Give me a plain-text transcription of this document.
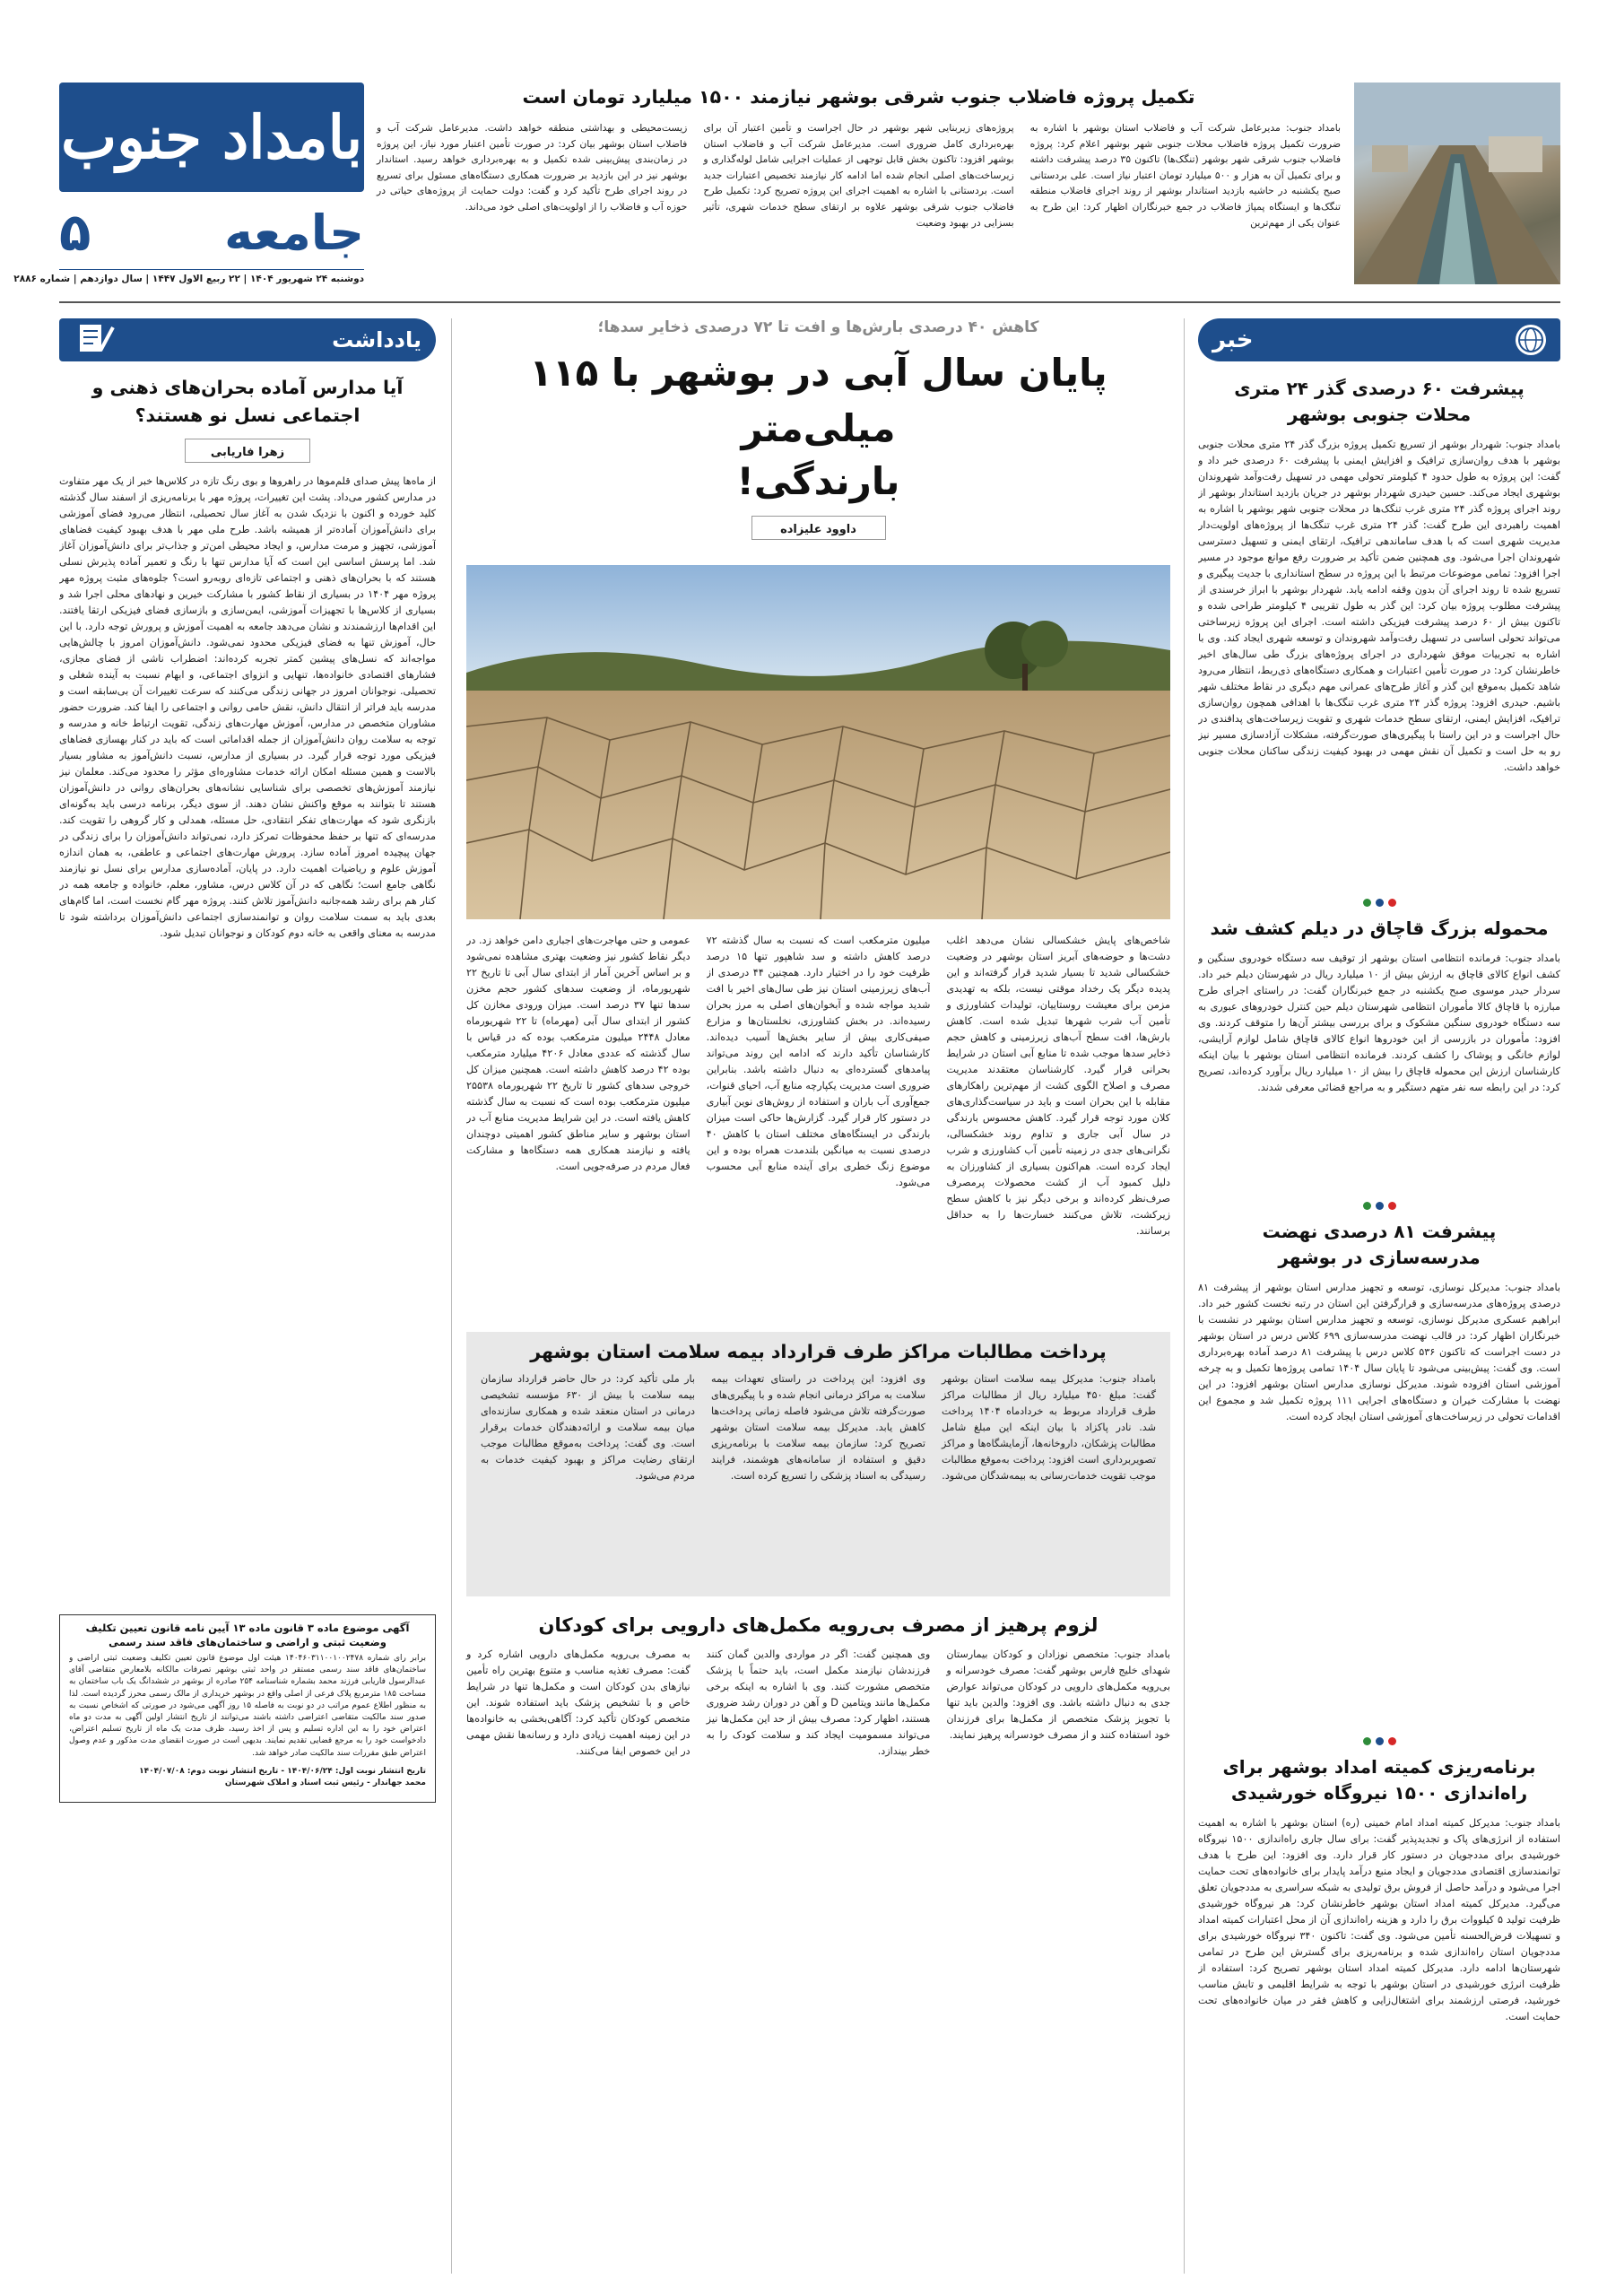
بامداد جنوب
جامعه
۵
دوشنبه ۲۴ شهریور ۱۴۰۴ | ۲۲ ربیع الاول ۱۴۴۷ | سال دوازدهم | شماره ۲۸۸۶
تکمیل پروژه فاضلاب جنوب شرقی بوشهر نیازمند ۱۵۰۰ میلیارد تومان است
بامداد جنوب: مدیرعامل شرکت آب و فاضلاب استان بوشهر با اشاره به ضرورت تکمیل پروژه فاضلاب محلات جنوبی شهر بوشهر اعلام کرد: پروژه فاضلاب جنوب شرقی شهر بوشهر (تنگک‌ها) تاکنون ۳۵ درصد پیشرفت داشته و برای تکمیل آن به هزار و ۵۰۰ میلیارد تومان اعتبار نیاز است. علی بردستانی صبح یکشنبه در حاشیه بازدید استاندار بوشهر از روند اجرای فاضلاب منطقه تنگک‌ها و ایستگاه پمپاژ فاضلاب در جمع خبرنگاران اظهار کرد: این طرح به عنوان یکی از مهم‌ترین
پروژه‌های زیربنایی شهر بوشهر در حال اجراست و تأمین اعتبار آن برای بهره‌برداری کامل ضروری است. مدیرعامل شرکت آب و فاضلاب استان بوشهر افزود: تاکنون بخش قابل توجهی از عملیات اجرایی شامل لوله‌گذاری و زیرساخت‌های اصلی انجام شده اما ادامه کار نیازمند تخصیص اعتبارات جدید است. بردستانی با اشاره به اهمیت اجرای این پروژه تصریح کرد: تکمیل طرح فاضلاب جنوب شرقی بوشهر علاوه بر ارتقای سطح خدمات شهری، تأثیر بسزایی در بهبود وضعیت
زیست‌محیطی و بهداشتی منطقه خواهد داشت. مدیرعامل شرکت آب و فاضلاب استان بوشهر بیان کرد: در صورت تأمین اعتبار مورد نیاز، این پروژه در زمان‌بندی پیش‌بینی شده تکمیل و به بهره‌برداری خواهد رسید. استاندار بوشهر نیز در این بازدید بر ضرورت همکاری دستگاه‌های مسئول برای تسریع در روند اجرای طرح تأکید کرد و گفت: دولت حمایت از پروژه‌های حیاتی در حوزه آب و فاضلاب را از اولویت‌های اصلی خود می‌داند.
خبر
پیشرفت ۶۰ درصدی گذر ۲۴ متری محلات جنوبی بوشهر
بامداد جنوب: شهردار بوشهر از تسریع تکمیل پروژه بزرگ گذر ۲۴ متری محلات جنوبی بوشهر با هدف روان‌سازی ترافیک و افزایش ایمنی با پیشرفت ۶۰ درصدی خبر داد و گفت: این پروژه به طول حدود ۴ کیلومتر تحولی مهمی در تسهیل رفت‌وآمد شهروندان بوشهری ایجاد می‌کند. حسین حیدری شهردار بوشهر در جریان بازدید استاندار بوشهر از روند اجرای پروژه گذر ۲۴ متری غرب تنگک‌ها در محلات جنوبی شهر بوشهر با اشاره به اهمیت راهبردی این طرح گفت: گذر ۲۴ متری غرب تنگک‌ها از پروژه‌های اولویت‌دار مدیریت شهری است که با هدف ساماندهی ترافیک، ارتقای ایمنی و تسهیل دسترسی شهروندان اجرا می‌شود. وی همچنین ضمن تأکید بر ضرورت رفع موانع موجود در مسیر اجرا افزود: تمامی موضوعات مرتبط با این پروژه در سطح استانداری با جدیت پیگیری و تسریع شده تا روند اجرای آن بدون وقفه ادامه یابد. شهردار بوشهر با ابراز خرسندی از پیشرفت مطلوب پروژه بیان کرد: این گذر به طول تقریبی ۴ کیلومتر طراحی شده و تاکنون بیش از ۶۰ درصد پیشرفت فیزیکی داشته است. اجرای این پروژه زیرساختی می‌تواند تحولی اساسی در تسهیل رفت‌وآمد شهروندان و توسعه شهری ایجاد کند. وی با اشاره به تجربیات موفق شهرداری در اجرای پروژه‌های بزرگ طی سال‌های اخیر خاطرنشان کرد: در صورت تأمین اعتبارات و همکاری دستگاه‌های ذی‌ربط، انتظار می‌رود شاهد تکمیل به‌موقع این گذر و آغاز طرح‌های عمرانی مهم دیگری در نقاط مختلف شهر باشیم. حیدری افزود: پروژه گذر ۲۴ متری غرب تنگک‌ها با اهدافی همچون روان‌سازی ترافیک، افزایش ایمنی، ارتقای سطح خدمات شهری و تقویت زیرساخت‌های پدافندی در حال اجراست و در این راستا با پیگیری‌های صورت‌گرفته، مشکلات آزادسازی مسیر نیز رو به حل است و تکمیل آن نقش مهمی در بهبود کیفیت زندگی ساکنان محلات جنوبی خواهد داشت.
محموله بزرگ قاچاق در دیلم کشف شد
بامداد جنوب: فرمانده انتظامی استان بوشهر از توقیف سه دستگاه خودروی سنگین و کشف انواع کالای قاچاق به ارزش بیش از ۱۰ میلیارد ریال در شهرستان دیلم خبر داد. سردار حیدر موسوی صبح یکشنبه در جمع خبرنگاران گفت: در راستای اجرای طرح مبارزه با قاچاق کالا مأموران انتظامی شهرستان دیلم حین کنترل خودروهای عبوری به سه دستگاه خودروی سنگین مشکوک و برای بررسی بیشتر آن‌ها را متوقف کردند. وی افزود: مأموران در بازرسی از این خودروها انواع کالای قاچاق شامل لوازم آرایشی، لوازم خانگی و پوشاک را کشف کردند. فرمانده انتظامی استان بوشهر با بیان اینکه کارشناسان ارزش این محموله قاچاق را بیش از ۱۰ میلیارد ریال برآورد کرده‌اند، تصریح کرد: در این رابطه سه نفر متهم دستگیر و به مراجع قضائی معرفی شدند.
پیشرفت ۸۱ درصدی نهضت مدرسه‌سازی در بوشهر
بامداد جنوب: مدیرکل نوسازی، توسعه و تجهیز مدارس استان بوشهر از پیشرفت ۸۱ درصدی پروژه‌های مدرسه‌سازی و قرارگرفتن این استان در رتبه نخست کشور خبر داد. ابراهیم عسکری مدیرکل نوسازی، توسعه و تجهیز مدارس استان بوشهر در نشست با خبرنگاران اظهار کرد: در قالب نهضت مدرسه‌سازی ۶۹۹ کلاس درس در استان بوشهر در دست اجراست که تاکنون ۵۳۶ کلاس درس با پیشرفت ۸۱ درصد آماده بهره‌برداری است. وی گفت: پیش‌بینی می‌شود تا پایان سال ۱۴۰۴ تمامی پروژه‌ها تکمیل و به چرخه آموزشی استان افزوده شوند. مدیرکل نوسازی مدارس استان بوشهر افزود: در این نهضت با مشارکت خیران و دستگاه‌های اجرایی ۱۱۱ پروژه تکمیل شد و مجموع این اقدامات تحولی در زیرساخت‌های آموزشی استان ایجاد کرده است.
برنامه‌ریزی کمیته امداد بوشهر برای راه‌اندازی ۱۵۰۰ نیروگاه خورشیدی
بامداد جنوب: مدیرکل کمیته امداد امام خمینی (ره) استان بوشهر با اشاره به اهمیت استفاده از انرژی‌های پاک و تجدیدپذیر گفت: برای سال جاری راه‌اندازی ۱۵۰۰ نیروگاه خورشیدی برای مددجویان در دستور کار قرار دارد. وی افزود: این طرح با هدف توانمندسازی اقتصادی مددجویان و ایجاد منبع درآمد پایدار برای خانواده‌های تحت حمایت اجرا می‌شود و درآمد حاصل از فروش برق تولیدی به شبکه سراسری به مددجویان تعلق می‌گیرد. مدیرکل کمیته امداد استان بوشهر خاطرنشان کرد: هر نیروگاه خورشیدی ظرفیت تولید ۵ کیلووات برق را دارد و هزینه راه‌اندازی آن از محل اعتبارات کمیته امداد و تسهیلات قرض‌الحسنه تأمین می‌شود. وی گفت: تاکنون ۳۴۰ نیروگاه خورشیدی برای مددجویان استان راه‌اندازی شده و برنامه‌ریزی برای گسترش این طرح در تمامی شهرستان‌ها ادامه دارد. مدیرکل کمیته امداد استان بوشهر تصریح کرد: استفاده از ظرفیت انرژی خورشیدی در استان بوشهر با توجه به شرایط اقلیمی و تابش مناسب خورشید، فرصتی ارزشمند برای اشتغال‌زایی و کاهش فقر در میان خانواده‌های تحت حمایت است.
کاهش ۴۰ درصدی بارش‌ها و افت تا ۷۲ درصدی ذخایر سدها؛
پایان سال آبی در بوشهر با ۱۱۵ میلی‌متر
بارندگی!
داوود علیزاده
شاخص‌های پایش خشکسالی نشان می‌دهد اغلب دشت‌ها و حوضه‌های آبریز استان بوشهر در وضعیت خشکسالی شدید تا بسیار شدید قرار گرفته‌اند و این پدیده دیگر یک رخداد موقتی نیست، بلکه به تهدیدی مزمن برای معیشت روستاییان، تولیدات کشاورزی و تأمین آب شرب شهرها تبدیل شده است. کاهش بارش‌ها، افت سطح آب‌های زیرزمینی و کاهش حجم ذخایر سدها موجب شده تا منابع آبی استان در شرایط بحرانی قرار گیرد. کارشناسان معتقدند مدیریت مصرف و اصلاح الگوی کشت از مهم‌ترین راهکارهای مقابله با این بحران است و باید در سیاست‌گذاری‌های کلان مورد توجه قرار گیرد. کاهش محسوس بارندگی در سال آبی جاری و تداوم روند خشکسالی، نگرانی‌های جدی در زمینه تأمین آب کشاورزی و شرب ایجاد کرده است. هم‌اکنون بسیاری از کشاورزان به دلیل کمبود آب از کشت محصولات پرمصرف صرف‌نظر کرده‌اند و برخی دیگر نیز با کاهش سطح زیرکشت، تلاش می‌کنند خسارت‌ها را به حداقل برسانند.
میلیون مترمکعب است که نسبت به سال گذشته ۷۲ درصد کاهش داشته و سد شاهپور تنها ۱۵ درصد ظرفیت خود را در اختیار دارد. همچنین ۴۴ درصدی از آب‌های زیرزمینی استان نیز طی سال‌های اخیر با افت شدید مواجه شده و آبخوان‌های اصلی به مرز بحران رسیده‌اند. در بخش کشاورزی، نخلستان‌ها و مزارع صیفی‌کاری بیش از سایر بخش‌ها آسیب دیده‌اند. کارشناسان تأکید دارند که ادامه این روند می‌تواند پیامدهای گسترده‌ای به دنبال داشته باشد. بنابراین ضروری است مدیریت یکپارچه منابع آب، احیای قنوات، جمع‌آوری آب باران و استفاده از روش‌های نوین آبیاری در دستور کار قرار گیرد. گزارش‌ها حاکی است میزان بارندگی در ایستگاه‌های مختلف استان با کاهش ۴۰ درصدی نسبت به میانگین بلندمدت همراه بوده و این موضوع زنگ خطری برای آینده منابع آبی محسوب می‌شود.
عمومی و حتی مهاجرت‌های اجباری دامن خواهد زد. در دیگر نقاط کشور نیز وضعیت بهتری مشاهده نمی‌شود و بر اساس آخرین آمار از ابتدای سال آبی تا تاریخ ۲۲ شهریورماه، از وضعیت سدهای کشور حجم مخزن سدها تنها ۳۷ درصد است. میزان ورودی مخازن کل کشور از ابتدای سال آبی (مهرماه) تا ۲۲ شهریورماه معادل ۲۴۴۸ میلیون مترمکعب بوده که در قیاس با سال گذشته که عددی معادل ۴۲۰۶ میلیارد مترمکعب بوده ۴۲ درصد کاهش داشته است. همچنین میزان کل خروجی سدهای کشور تا تاریخ ۲۲ شهریورماه ۲۵۵۳۸ میلیون مترمکعب بوده است که نسبت به سال گذشته کاهش یافته است. در این شرایط مدیریت منابع آب در استان بوشهر و سایر مناطق کشور اهمیتی دوچندان یافته و نیازمند همکاری همه دستگاه‌ها و مشارکت فعال مردم در صرفه‌جویی است.
پرداخت مطالبات مراکز طرف قرارداد بیمه سلامت استان بوشهر
بامداد جنوب: مدیرکل بیمه سلامت استان بوشهر گفت: مبلغ ۴۵۰ میلیارد ریال از مطالبات مراکز طرف قرارداد مربوط به خردادماه ۱۴۰۴ پرداخت شد. نادر پاکزاد با بیان اینکه این مبلغ شامل مطالبات پزشکان، داروخانه‌ها، آزمایشگاه‌ها و مراکز تصویربرداری است افزود: پرداخت به‌موقع مطالبات موجب تقویت خدمات‌رسانی به بیمه‌شدگان می‌شود.
وی افزود: این پرداخت در راستای تعهدات بیمه سلامت به مراکز درمانی انجام شده و با پیگیری‌های صورت‌گرفته تلاش می‌شود فاصله زمانی پرداخت‌ها کاهش یابد. مدیرکل بیمه سلامت استان بوشهر تصریح کرد: سازمان بیمه سلامت با برنامه‌ریزی دقیق و استفاده از سامانه‌های هوشمند، فرایند رسیدگی به اسناد پزشکی را تسریع کرده است.
بار ملی تأکید کرد: در حال حاضر قرارداد سازمان بیمه سلامت با بیش از ۶۳۰ مؤسسه تشخیصی درمانی در استان منعقد شده و همکاری سازنده‌ای میان بیمه سلامت و ارائه‌دهندگان خدمات برقرار است. وی گفت: پرداخت به‌موقع مطالبات موجب ارتقای رضایت مراکز و بهبود کیفیت خدمات به مردم می‌شود.
لزوم پرهیز از مصرف بی‌رویه مکمل‌های دارویی برای کودکان
بامداد جنوب: متخصص نوزادان و کودکان بیمارستان شهدای خلیج فارس بوشهر گفت: مصرف خودسرانه و بی‌رویه مکمل‌های دارویی در کودکان می‌تواند عوارض جدی به دنبال داشته باشد. وی افزود: والدین باید تنها با تجویز پزشک متخصص از مکمل‌ها برای فرزندان خود استفاده کنند و از مصرف خودسرانه پرهیز نمایند.
وی همچنین گفت: اگر در مواردی والدین گمان کنند فرزندشان نیازمند مکمل است، باید حتماً با پزشک متخصص مشورت کنند. وی با اشاره به اینکه برخی مکمل‌ها مانند ویتامین D و آهن در دوران رشد ضروری هستند، اظهار کرد: مصرف بیش از حد این مکمل‌ها نیز می‌تواند مسمومیت ایجاد کند و سلامت کودک را به خطر بیندازد.
به مصرف بی‌رویه مکمل‌های دارویی اشاره کرد و گفت: مصرف تغذیه مناسب و متنوع بهترین راه تأمین نیازهای بدن کودکان است و مکمل‌ها تنها در شرایط خاص و با تشخیص پزشک باید استفاده شوند. این متخصص کودکان تأکید کرد: آگاهی‌بخشی به خانواده‌ها در این زمینه اهمیت زیادی دارد و رسانه‌ها نقش مهمی در این خصوص ایفا می‌کنند.
یادداشت
آیا مدارس آماده بحران‌های ذهنی و اجتماعی نسل نو هستند؟
زهرا فاریابی
از ماه‌ها پیش صدای قلم‌موها در راهروها و بوی رنگ تازه در کلاس‌ها خبر از یک مهر متفاوت در مدارس کشور می‌داد. پشت این تغییرات، پروژه مهر با برنامه‌ریزی از اسفند سال گذشته کلید خورده و اکنون با نزدیک شدن به آغاز سال تحصیلی، انتظار می‌رود فضای آموزشی برای دانش‌آموزان آماده‌تر از همیشه باشد. طرح ملی مهر با هدف بهبود کیفیت فضاهای آموزشی، تجهیز و مرمت مدارس، و ایجاد محیطی امن‌تر و جذاب‌تر برای دانش‌آموزان آغاز شد. اما پرسش اساسی این است که آیا مدارس تنها با رنگ و تعمیر آماده پذیرش نسلی هستند که با بحران‌های ذهنی و اجتماعی تازه‌ای روبه‌رو است؟ جلوه‌های مثبت پروژه مهر پروژه مهر ۱۴۰۴ در بسیاری از نقاط کشور با مشارکت خیرین و نهادهای محلی اجرا شد و بسیاری از کلاس‌ها با تجهیزات آموزشی، ایمن‌سازی و بازسازی فضای فیزیکی ارتقا یافتند. این اقدام‌ها ارزشمندند و نشان می‌دهد جامعه به اهمیت آموزش و پرورش توجه دارد. با این حال، آموزش تنها به فضای فیزیکی محدود نمی‌شود. دانش‌آموزان امروز با چالش‌هایی مواجه‌اند که نسل‌های پیشین کمتر تجربه کرده‌اند: اضطراب ناشی از فضای مجازی، فشارهای اقتصادی خانواده‌ها، تنهایی و انزوای اجتماعی، و ابهام نسبت به آینده شغلی و تحصیلی. نوجوانان امروز در جهانی زندگی می‌کنند که سرعت تغییرات آن بی‌سابقه است و مدرسه باید فراتر از انتقال دانش، نقش حامی روانی و اجتماعی را ایفا کند. ضرورت حضور مشاوران متخصص در مدارس، آموزش مهارت‌های زندگی، تقویت ارتباط خانه و مدرسه و توجه به سلامت روان دانش‌آموزان از جمله اقداماتی است که باید در کنار بهسازی فضاهای فیزیکی مورد توجه قرار گیرد. در بسیاری از مدارس، نسبت دانش‌آموز به مشاور بسیار بالاست و همین مسئله امکان ارائه خدمات مشاوره‌ای مؤثر را محدود می‌کند. معلمان نیز نیازمند آموزش‌های تخصصی برای شناسایی نشانه‌های بحران‌های روانی در دانش‌آموزان هستند تا بتوانند به موقع واکنش نشان دهند. از سوی دیگر، برنامه درسی باید به‌گونه‌ای بازنگری شود که مهارت‌های تفکر انتقادی، حل مسئله، همدلی و کار گروهی را تقویت کند. مدرسه‌ای که تنها بر حفظ محفوظات تمرکز دارد، نمی‌تواند دانش‌آموزان را برای زندگی در جهان پیچیده امروز آماده سازد. پرورش مهارت‌های اجتماعی و عاطفی، به همان اندازه آموزش علوم و ریاضیات اهمیت دارد. در پایان، آماده‌سازی مدارس برای نسل نو نیازمند نگاهی جامع است؛ نگاهی که در آن کلاس درس، مشاور، معلم، خانواده و جامعه همه در کنار هم برای رشد همه‌جانبه دانش‌آموز تلاش کنند. پروژه مهر گام نخست است، اما گام‌های بعدی باید به سمت سلامت روان و توانمندسازی اجتماعی دانش‌آموزان برداشته شود تا مدرسه به معنای واقعی به خانه دوم کودکان و نوجوانان تبدیل شود.
آگهی موضوع ماده ۳ قانون ماده ۱۳ آیین نامه قانون تعیین تکلیف وضعیت ثبتی و اراضی و ساختمان‌های فاقد سند رسمی
برابر رای شماره ۱۴۰۴۶۰۳۱۱۰۰۱۰۰۲۴۷۸ هیئت اول موضوع قانون تعیین تکلیف وضعیت ثبتی اراضی و ساختمان‌های فاقد سند رسمی مستقر در واحد ثبتی بوشهر تصرفات مالکانه بلامعارض متقاضی آقای عبدالرسول فاریابی فرزند محمد بشماره شناسنامه ۲۵۴ صادره از بوشهر در ششدانگ یک باب ساختمان به مساحت ۱۸۵ مترمربع پلاک فرعی از اصلی واقع در بوشهر خریداری از مالک رسمی محرز گردیده است. لذا به منظور اطلاع عموم مراتب در دو نوبت به فاصله ۱۵ روز آگهی می‌شود در صورتی که اشخاص نسبت به صدور سند مالکیت متقاضی اعتراضی داشته باشند می‌توانند از تاریخ انتشار اولین آگهی به مدت دو ماه اعتراض خود را به این اداره تسلیم و پس از اخذ رسید، ظرف مدت یک ماه از تاریخ تسلیم اعتراض، دادخواست خود را به مرجع قضایی تقدیم نمایند. بدیهی است در صورت انقضای مدت مذکور و عدم وصول اعتراض طبق مقررات سند مالکیت صادر خواهد شد.
تاریخ انتشار نوبت اول: ۱۴۰۴/۰۶/۲۴ - تاریخ انتشار نوبت دوم: ۱۴۰۴/۰۷/۰۸
محمد جهاندار - رئیس ثبت اسناد و املاک شهرستان
